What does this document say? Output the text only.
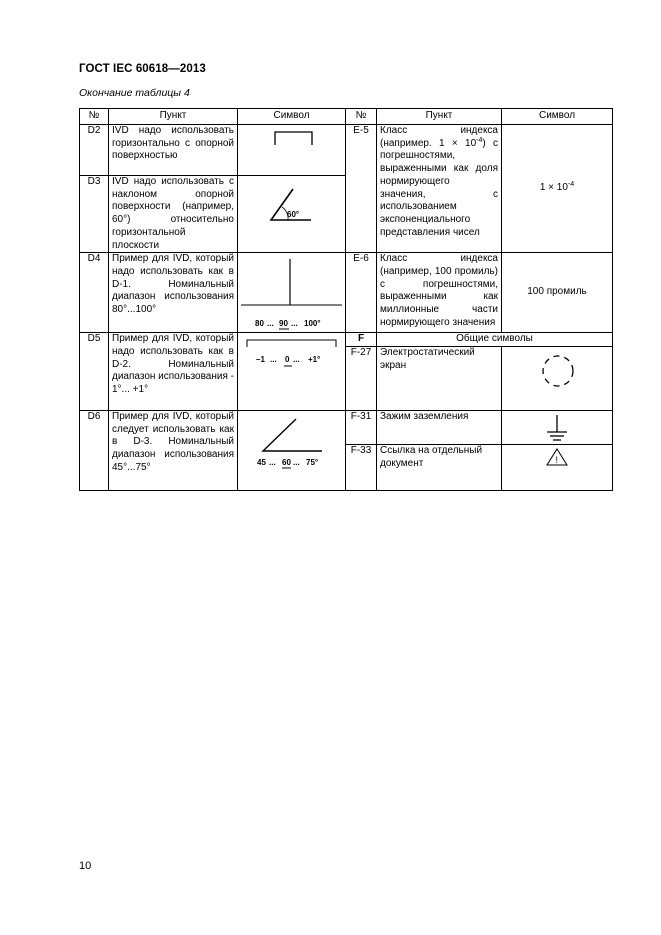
ГОСТ IEC 60618—2013
Окончание таблицы 4
№	Пункт	Символ	№	Пункт	Символ
D2	IVD надо использовать горизонтально с опорной поверхностью		E-5	Класс индекса (например. $1 \times 10^{-4}$) с погрешностями, выраженными как доля нормирующего значения, с использованием экспоненциального представления чисел	$1 \times 10^{-4}$
D3	IVD надо использовать с наклоном опорной поверхности (например, 60°) относительно горизонтальной плоскости	60°			

D4	Пример для IVD, который надо использовать как в D-1. Номинальный диапазон использования 80°...100°	80 ... 90 ... 100°	E-6	Класс индекса (например, 100 промиль) с погрешностями, выраженными как миллионные части нормирующего значения	100 промиль
D5	Пример для IVD, который надо использовать как в D-2. Номинальный диапазон использования - 1°... +1°	–1 ... 0 ... +1°	F	Общие символы	
			F-27	Электростатический экран	

D6	Пример для IVD, который следует использовать как в D-3. Номинальный диапазон использования 45°...75°	45 ... 60 ... 75°	F-31	Зажим заземления	

			F-33	Ссылка на отдельный документ	!
10
